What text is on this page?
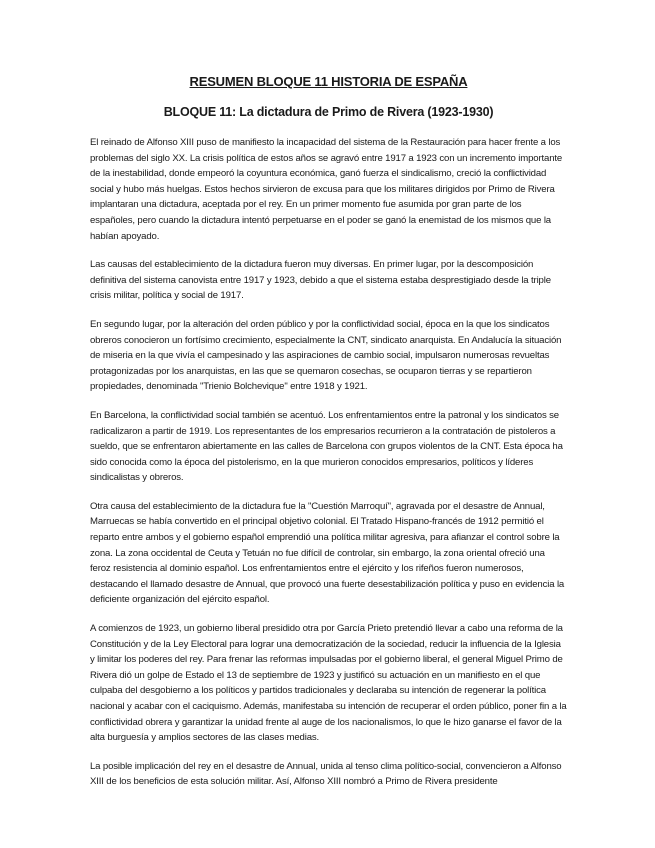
RESUMEN BLOQUE 11 HISTORIA DE ESPAÑA
BLOQUE 11: La dictadura de Primo de Rivera (1923-1930)

El reinado de Alfonso XIII puso de manifiesto la incapacidad del sistema de la Restauración para hacer frente a los problemas del siglo XX. La crisis política de estos años se agravó entre 1917 a 1923 con un incremento importante de la inestabilidad, donde empeoró la coyuntura económica, ganó fuerza el sindicalismo, creció la conflictividad social y hubo más huelgas. Estos hechos sirvieron de excusa para que los militares dirigidos por Primo de Rivera implantaran una dictadura, aceptada por el rey. En un primer momento fue asumida por gran parte de los españoles, pero cuando la dictadura intentó perpetuarse en el poder se ganó la enemistad de los mismos que la habían apoyado.

Las causas del establecimiento de la dictadura fueron muy diversas. En primer lugar, por la descomposición definitiva del sistema canovista entre 1917 y 1923, debido a que el sistema estaba desprestigiado desde la triple crisis militar, política y social de 1917.

En segundo lugar, por la alteración del orden público y por la conflictividad social, época en la que los sindicatos obreros conocieron un fortísimo crecimiento, especialmente la CNT, sindicato anarquista. En Andalucía la situación de miseria en la que vivía el campesinado y las aspiraciones de cambio social, impulsaron numerosas revueltas protagonizadas por los anarquistas, en las que se quemaron cosechas, se ocuparon tierras y se repartieron propiedades, denominada "Trienio Bolchevique" entre 1918 y 1921.

En Barcelona, la conflictividad social también se acentuó. Los enfrentamientos entre la patronal y los sindicatos se radicalizaron a partir de 1919. Los representantes de los empresarios recurrieron a la contratación de pistoleros a sueldo, que se enfrentaron abiertamente en las calles de Barcelona con grupos violentos de la CNT. Esta época ha sido conocida como la época del pistolerismo, en la que murieron conocidos empresarios, políticos y líderes sindicalistas y obreros.

Otra causa del establecimiento de la dictadura fue la "Cuestión Marroquí", agravada por el desastre de Annual, Marruecas se había convertido en el principal objetivo colonial. El Tratado Hispano-francés de 1912 permitió el reparto entre ambos y el gobierno español emprendió una política militar agresiva, para afianzar el control sobre la zona. La zona occidental de Ceuta y Tetuán no fue difícil de controlar, sin embargo, la zona oriental ofreció una feroz resistencia al dominio español. Los enfrentamientos entre el ejército y los rifeños fueron numerosos, destacando el llamado desastre de Annual, que provocó una fuerte desestabilización política y puso en evidencia la deficiente organización del ejército español.

A comienzos de 1923, un gobierno liberal presidido otra por García Prieto pretendió llevar a cabo una reforma de la Constitución y de la Ley Electoral para lograr una democratización de la sociedad, reducir la influencia de la Iglesia y limitar los poderes del rey. Para frenar las reformas impulsadas por el gobierno liberal, el general Miguel Primo de Rivera dió un golpe de Estado el 13 de septiembre de 1923 y justificó su actuación en un manifiesto en el que culpaba del desgobierno a los políticos y partidos tradicionales y declaraba su intención de regenerar la política nacional y acabar con el caciquismo. Además, manifestaba su intención de recuperar el orden público, poner fin a la conflictividad obrera y garantizar la unidad frente al auge de los nacionalismos, lo que le hizo ganarse el favor de la alta burguesía y amplios sectores de las clases medias.

La posible implicación del rey en el desastre de Annual, unida al tenso clima político-social, convencieron a Alfonso XIII de los beneficios de esta solución militar. Así, Alfonso XIII nombró a Primo de Rivera presidente
